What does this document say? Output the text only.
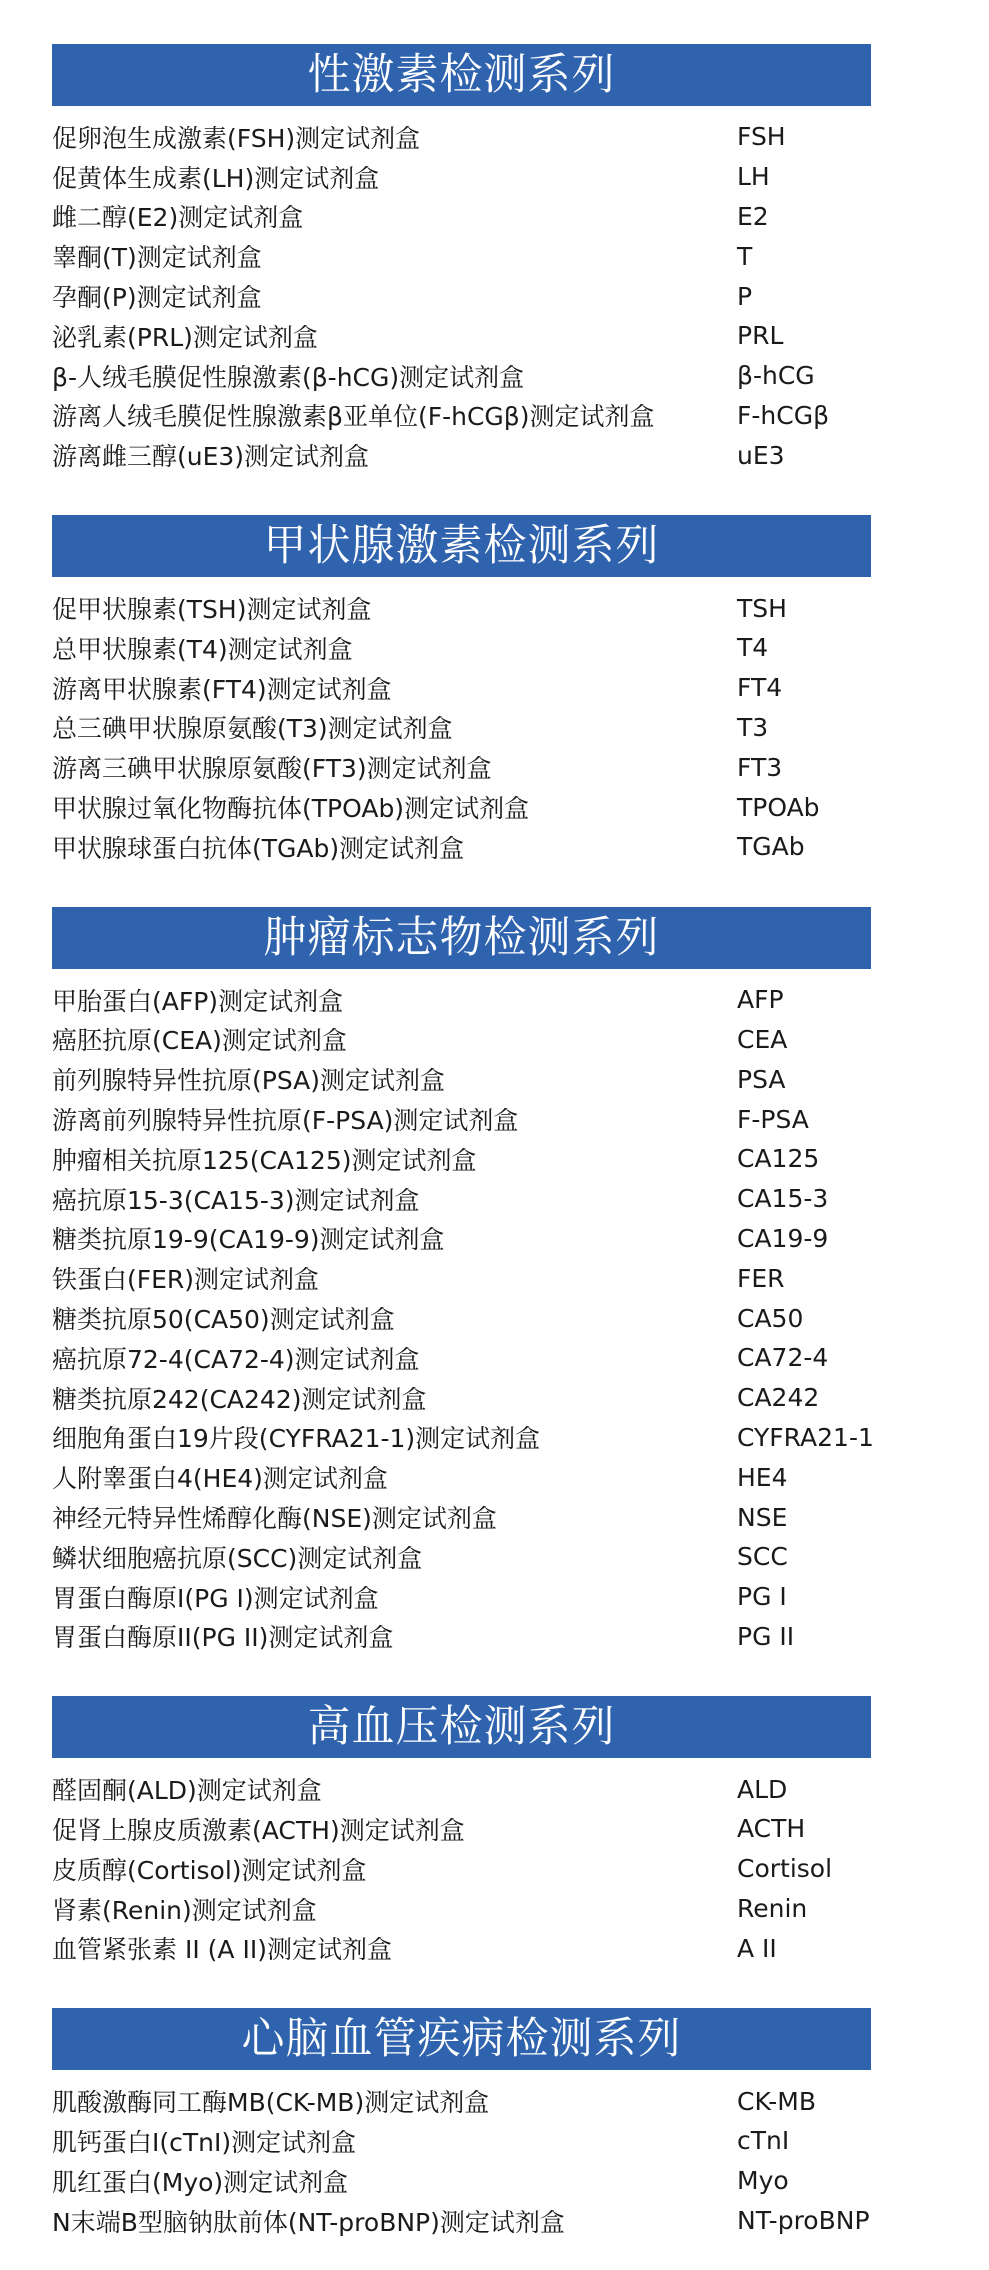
性激素检测系列
促卵泡生成激素(FSH)测定试剂盒	FSH
促黄体生成素(LH)测定试剂盒	LH
雌二醇(E2)测定试剂盒	E2
睾酮(T)测定试剂盒	T
孕酮(P)测定试剂盒	P
泌乳素(PRL)测定试剂盒	PRL
β-人绒毛膜促性腺激素(β-hCG)测定试剂盒	β-hCG
游离人绒毛膜促性腺激素β亚单位(F-hCGβ)测定试剂盒	F-hCGβ
游离雌三醇(uE3)测定试剂盒	uE3
甲状腺激素检测系列
促甲状腺素(TSH)测定试剂盒	TSH
总甲状腺素(T4)测定试剂盒	T4
游离甲状腺素(FT4)测定试剂盒	FT4
总三碘甲状腺原氨酸(T3)测定试剂盒	T3
游离三碘甲状腺原氨酸(FT3)测定试剂盒	FT3
甲状腺过氧化物酶抗体(TPOAb)测定试剂盒	TPOAb
甲状腺球蛋白抗体(TGAb)测定试剂盒	TGAb
肿瘤标志物检测系列
甲胎蛋白(AFP)测定试剂盒	AFP
癌胚抗原(CEA)测定试剂盒	CEA
前列腺特异性抗原(PSA)测定试剂盒	PSA
游离前列腺特异性抗原(F-PSA)测定试剂盒	F-PSA
肿瘤相关抗原125(CA125)测定试剂盒	CA125
癌抗原15-3(CA15-3)测定试剂盒	CA15-3
糖类抗原19-9(CA19-9)测定试剂盒	CA19-9
铁蛋白(FER)测定试剂盒	FER
糖类抗原50(CA50)测定试剂盒	CA50
癌抗原72-4(CA72-4)测定试剂盒	CA72-4
糖类抗原242(CA242)测定试剂盒	CA242
细胞角蛋白19片段(CYFRA21-1)测定试剂盒	CYFRA21-1
人附睾蛋白4(HE4)测定试剂盒	HE4
神经元特异性烯醇化酶(NSE)测定试剂盒	NSE
鳞状细胞癌抗原(SCC)测定试剂盒	SCC
胃蛋白酶原I(PG I)测定试剂盒	PG I
胃蛋白酶原II(PG II)测定试剂盒	PG II
高血压检测系列
醛固酮(ALD)测定试剂盒	ALD
促肾上腺皮质激素(ACTH)测定试剂盒	ACTH
皮质醇(Cortisol)测定试剂盒	Cortisol
肾素(Renin)测定试剂盒	Renin
血管紧张素 II (A II)测定试剂盒	A II
心脑血管疾病检测系列
肌酸激酶同工酶MB(CK-MB)测定试剂盒	CK-MB
肌钙蛋白I(cTnI)测定试剂盒	cTnI
肌红蛋白(Myo)测定试剂盒	Myo
N末端B型脑钠肽前体(NT-proBNP)测定试剂盒	NT-proBNP
